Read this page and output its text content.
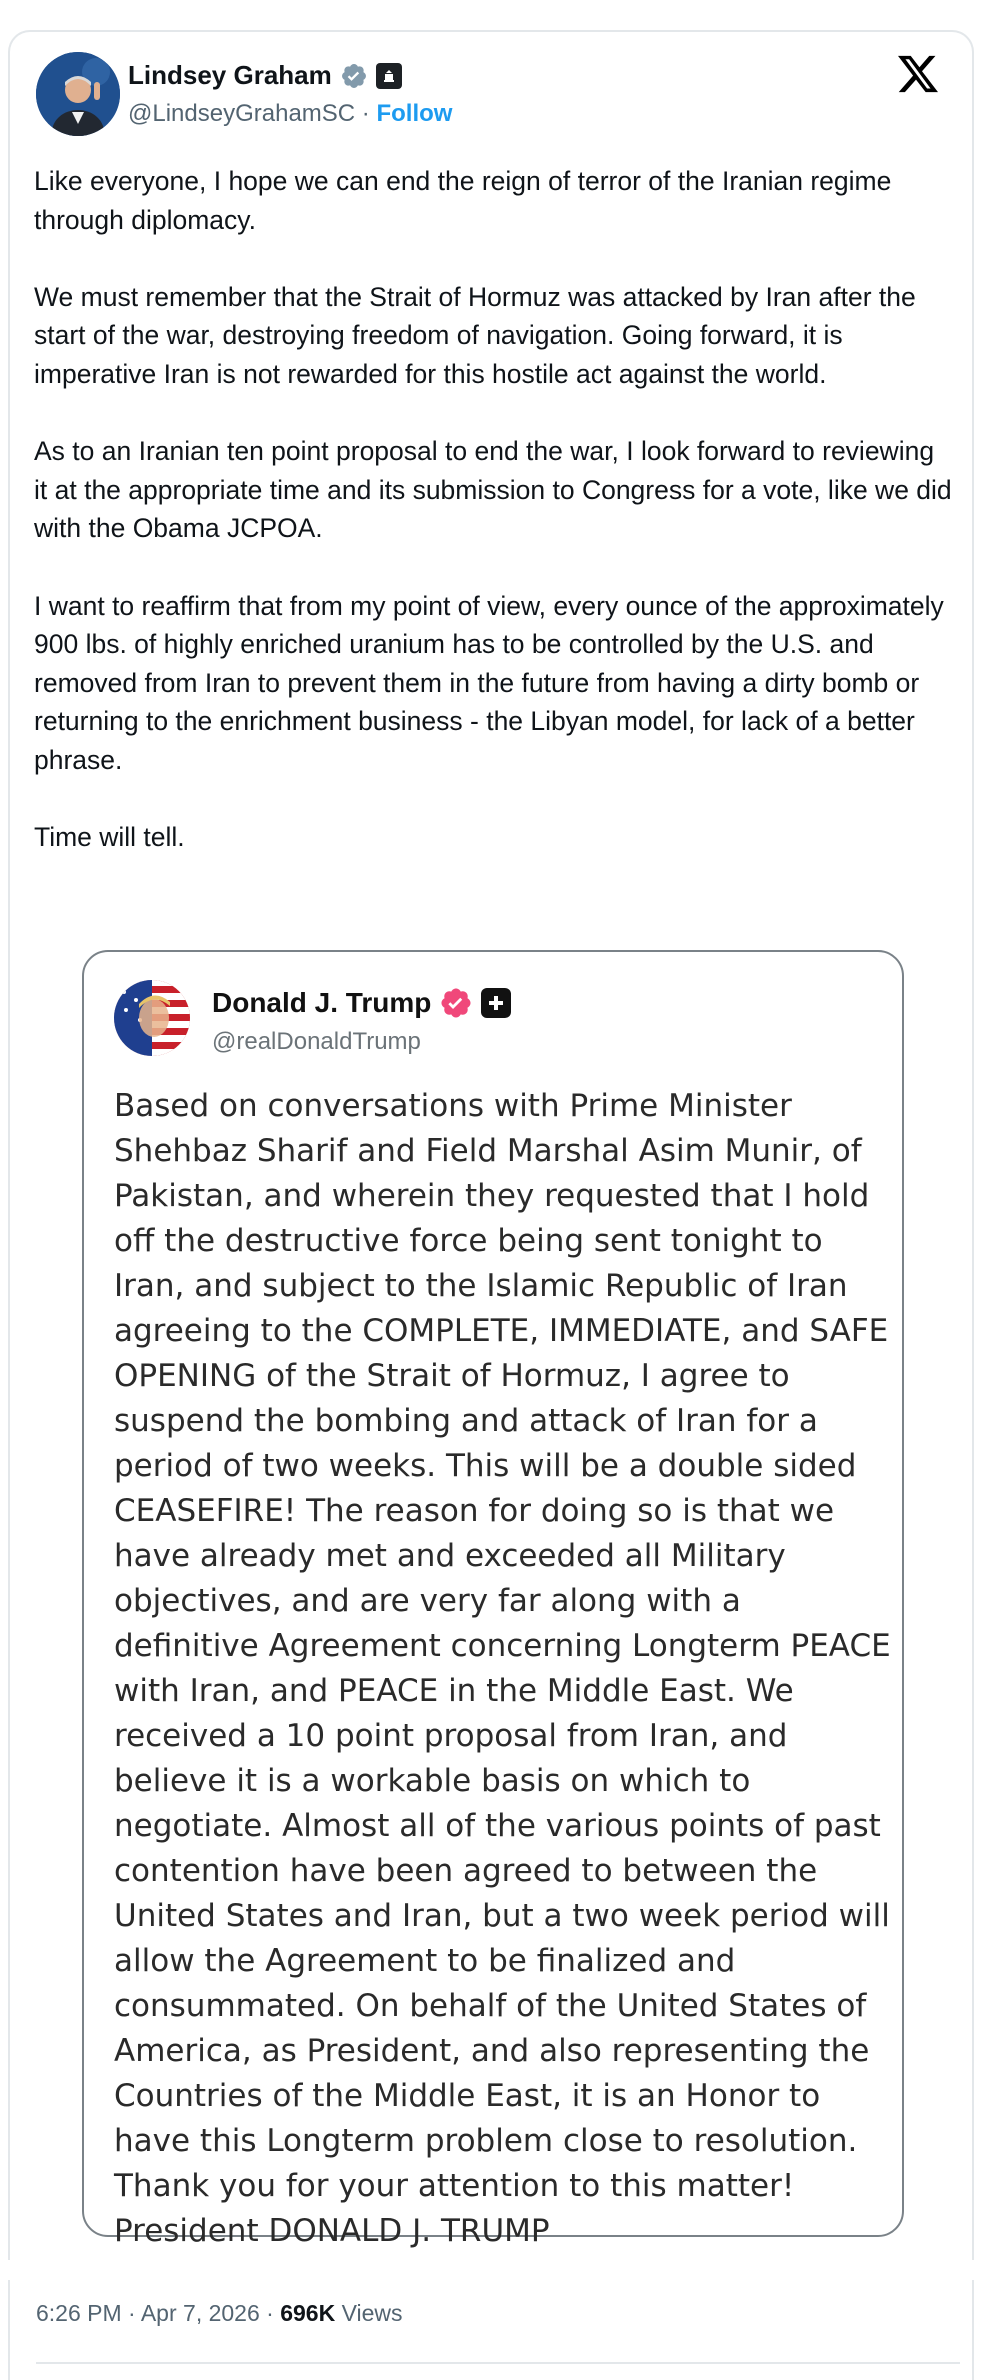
Lindsey Graham
@LindseyGrahamSC · Follow

Like everyone, I hope we can end the reign of terror of the Iranian regime through diplomacy.

We must remember that the Strait of Hormuz was attacked by Iran after the start of the war, destroying freedom of navigation. Going forward, it is imperative Iran is not rewarded for this hostile act against the world.

As to an Iranian ten point proposal to end the war, I look forward to reviewing it at the appropriate time and its submission to Congress for a vote, like we did with the Obama JCPOA.

I want to reaffirm that from my point of view, every ounce of the approximately 900 lbs. of highly enriched uranium has to be controlled by the U.S. and removed from Iran to prevent them in the future from having a dirty bomb or returning to the enrichment business - the Libyan model, for lack of a better phrase.

Time will tell.

Donald J. Trump
@realDonaldTrump
Based on conversations with Prime Minister Shehbaz Sharif and Field Marshal Asim Munir, of Pakistan, and wherein they requested that I hold off the destructive force being sent tonight to Iran, and subject to the Islamic Republic of Iran agreeing to the COMPLETE, IMMEDIATE, and SAFE OPENING of the Strait of Hormuz, I agree to suspend the bombing and attack of Iran for a period of two weeks. This will be a double sided CEASEFIRE! The reason for doing so is that we have already met and exceeded all Military objectives, and are very far along with a definitive Agreement concerning Longterm PEACE with Iran, and PEACE in the Middle East. We received a 10 point proposal from Iran, and believe it is a workable basis on which to negotiate. Almost all of the various points of past contention have been agreed to between the United States and Iran, but a two week period will allow the Agreement to be finalized and consummated. On behalf of the United States of America, as President, and also representing the Countries of the Middle East, it is an Honor to have this Longterm problem close to resolution. Thank you for your attention to this matter! President DONALD J. TRUMP
6:26 PM · Apr 7, 2026 · 696K Views
